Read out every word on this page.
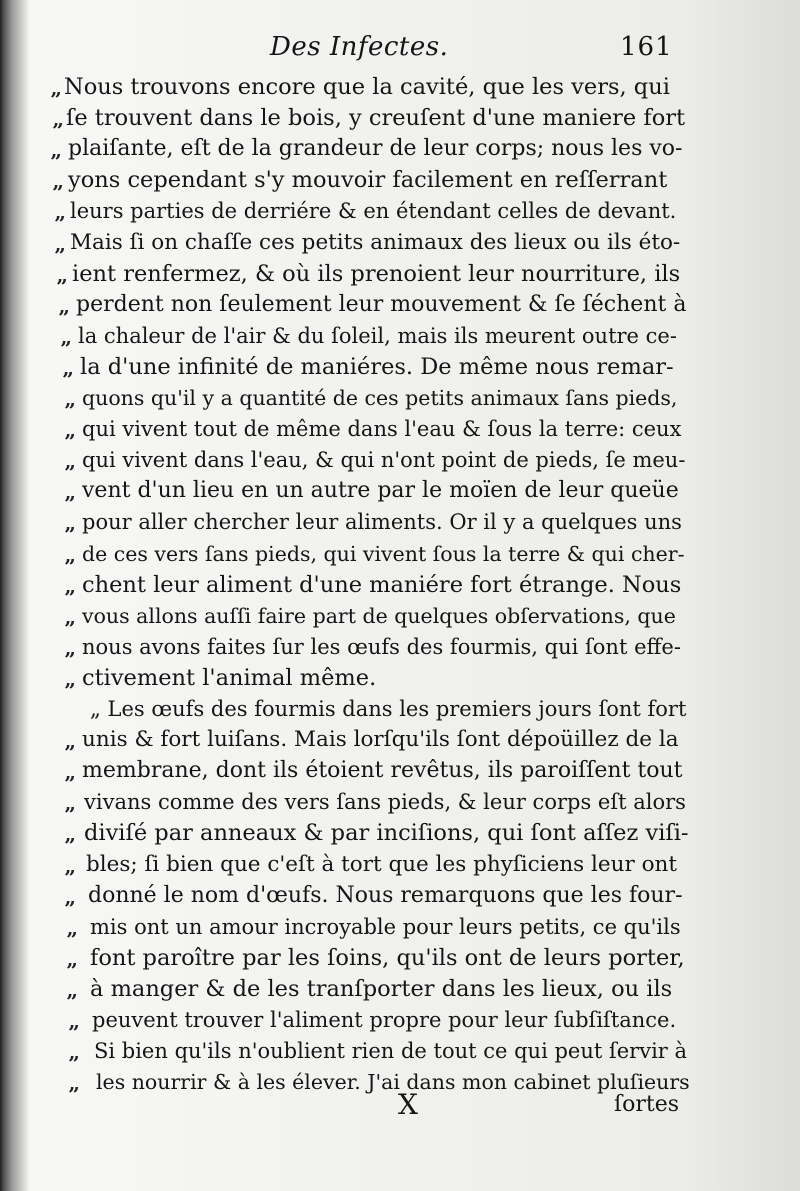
Des Infectes.	161
„ Nous trouvons encore que la cavité, que les vers, qui
„ ſe trouvent dans le bois, y creuſent d'une maniere fort
„ plaiſante, eſt de la grandeur de leur corps; nous les vo-
„ yons cependant s'y mouvoir facilement en reſſerrant
„ leurs parties de derriére & en étendant celles de devant.
„ Mais ſi on chaſſe ces petits animaux des lieux ou ils éto-
„ ient renfermez, & où ils prenoient leur nourriture, ils
„ perdent non ſeulement leur mouvement & ſe ſéchent à
„ la chaleur de l'air & du ſoleil, mais ils meurent outre ce-
„ la d'une infinité de maniéres. De même nous remar-
„ quons qu'il y a quantité de ces petits animaux ſans pieds,
„ qui vivent tout de même dans l'eau & ſous la terre: ceux
„ qui vivent dans l'eau, & qui n'ont point de pieds, ſe meu-
„ vent d'un lieu en un autre par le moïen de leur queüe
„ pour aller chercher leur aliments. Or il y a quelques uns
„ de ces vers ſans pieds, qui vivent ſous la terre & qui cher-
„ chent leur aliment d'une maniére fort étrange. Nous
„ vous allons auſſi faire part de quelques obſervations, que
„ nous avons faites ſur les œufs des fourmis, qui ſont effe-
„ ctivement l'animal même.
„ Les œufs des fourmis dans les premiers jours ſont fort
„ unis & fort luiſans. Mais lorſqu'ils ſont dépoüillez de la
„ membrane, dont ils étoient revêtus, ils paroiſſent tout
„ vivans comme des vers ſans pieds, & leur corps eſt alors
„ diviſé par anneaux & par inciſions, qui ſont aſſez viſi-
„ bles; ſi bien que c'eſt à tort que les phyſiciens leur ont
„ donné le nom d'œufs. Nous remarquons que les four-
„ mis ont un amour incroyable pour leurs petits, ce qu'ils
„ font paroître par les ſoins, qu'ils ont de leurs porter,
„ à manger & de les tranſporter dans les lieux, ou ils
„ peuvent trouver l'aliment propre pour leur ſubſiſtance.
„ Si bien qu'ils n'oublient rien de tout ce qui peut ſervir à
„ les nourrir & à les élever. J'ai dans mon cabinet pluſieurs
X	ſortes
